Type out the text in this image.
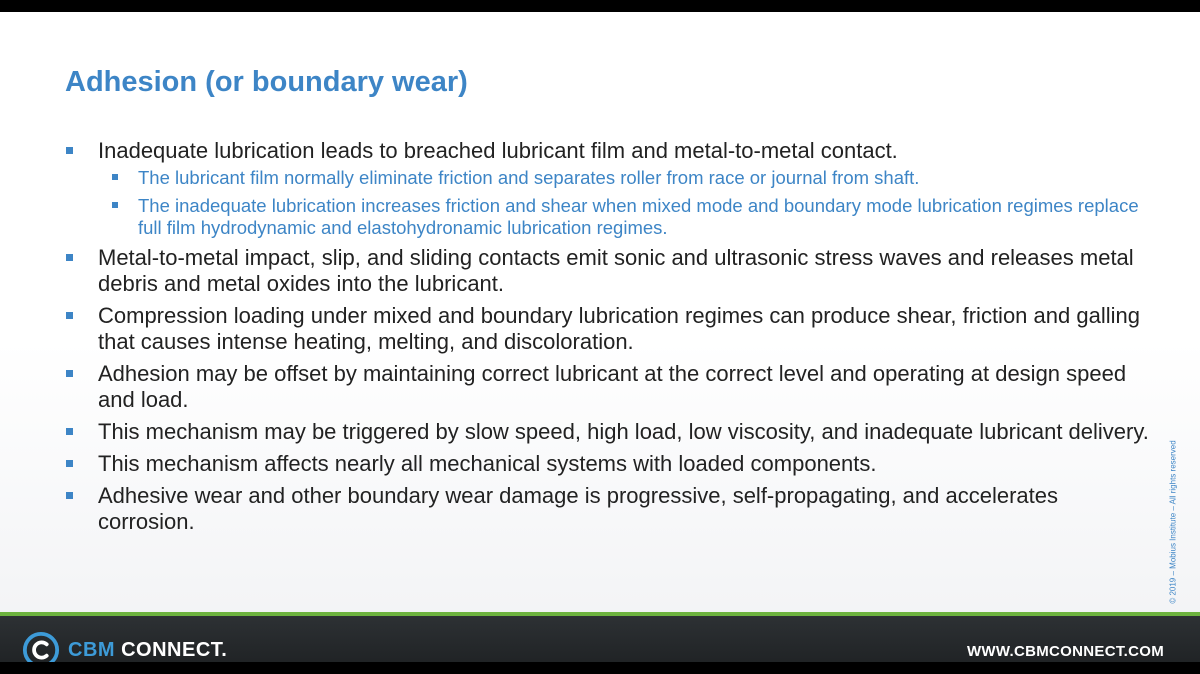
Adhesion (or boundary wear)
Inadequate lubrication leads to breached lubricant film and metal-to-metal contact.
The lubricant film normally eliminate friction and separates roller from race or journal from shaft.
The inadequate lubrication increases friction and shear when mixed mode and boundary mode lubrication regimes replace full film hydrodynamic and elastohydronamic lubrication regimes.
Metal-to-metal impact, slip, and sliding contacts emit sonic and ultrasonic stress waves and releases metal debris and metal oxides into the lubricant.
Compression loading under mixed and boundary lubrication regimes can produce shear, friction and galling that causes intense heating, melting, and discoloration.
Adhesion may be offset by maintaining correct lubricant at the correct level and operating at design speed and load.
This mechanism may be triggered by slow speed, high load, low viscosity, and inadequate lubricant delivery.
This mechanism affects nearly all mechanical systems with loaded components.
Adhesive wear and other boundary wear damage is progressive, self-propagating, and accelerates corrosion.	© 2019 – Mobius Institute – All rights reserved
CBM CONNECT.	WWW.CBMCONNECT.COM
